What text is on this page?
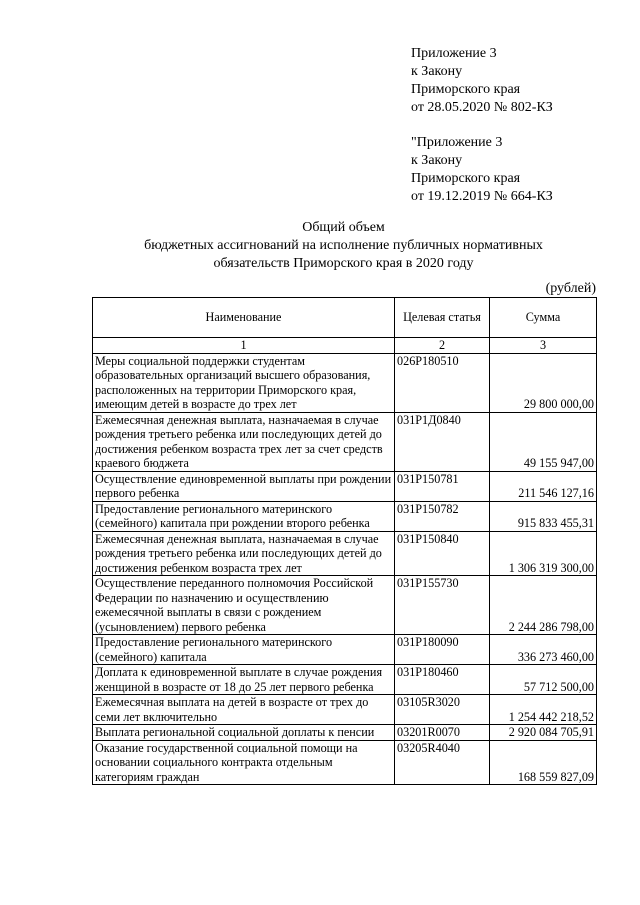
Приложение 3
к Закону
Приморского края
от 28.05.2020 № 802-КЗ
"Приложение 3
к Закону
Приморского края
от 19.12.2019 № 664-КЗ
Общий объем
бюджетных ассигнований на исполнение публичных нормативных
обязательств Приморского края в 2020 году
(рублей)
Наименование	Целевая статья	Сумма
1	2	3
Меры социальной поддержки студентам образовательных организаций высшего образования, расположенных на территории Приморского края, имеющим детей в возрасте до трех лет	026Р180510	29 800 000,00
Ежемесячная денежная выплата, назначаемая в случае рождения третьего ребенка или последующих детей до достижения ребенком возраста трех лет за счет средств краевого бюджета	031Р1Д0840	49 155 947,00
Осуществление единовременной выплаты при рождении первого ребенка	031Р150781	211 546 127,16
Предоставление регионального материнского (семейного) капитала при рождении второго ребенка	031Р150782	915 833 455,31
Ежемесячная денежная выплата, назначаемая в случае рождения третьего ребенка или последующих детей до достижения ребенком возраста трех лет	031Р150840	1 306 319 300,00
Осуществление переданного полномочия Российской Федерации по назначению и осуществлению ежемесячной выплаты в связи с рождением (усыновлением) первого ребенка	031Р155730	2 244 286 798,00
Предоставление регионального материнского (семейного) капитала	031Р180090	336 273 460,00
Доплата к единовременной выплате в случае рождения женщиной в возрасте от 18 до 25 лет первого ребенка	031Р180460	57 712 500,00
Ежемесячная выплата на детей в возрасте от трех до семи лет включительно	03105R3020	1 254 442 218,52
Выплата региональной социальной доплаты к пенсии	03201R0070	2 920 084 705,91
Оказание государственной социальной помощи на основании социального контракта отдельным категориям граждан	03205R4040	168 559 827,09
